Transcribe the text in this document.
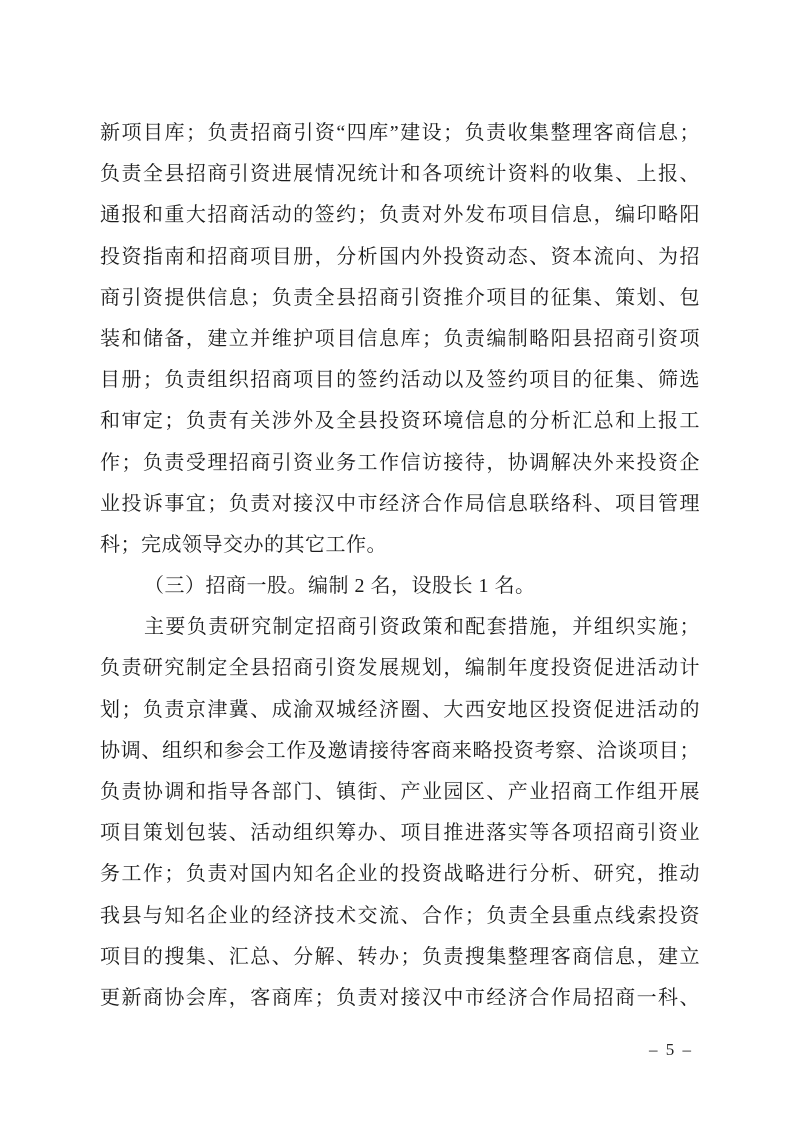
新项目库；负责招商引资“四库”建设；负责收集整理客商信息；
负责全县招商引资进展情况统计和各项统计资料的收集、上报、
通报和重大招商活动的签约；负责对外发布项目信息，编印略阳
投资指南和招商项目册，分析国内外投资动态、资本流向、为招
商引资提供信息；负责全县招商引资推介项目的征集、策划、包
装和储备，建立并维护项目信息库；负责编制略阳县招商引资项
目册；负责组织招商项目的签约活动以及签约项目的征集、筛选
和审定；负责有关涉外及全县投资环境信息的分析汇总和上报工
作；负责受理招商引资业务工作信访接待，协调解决外来投资企
业投诉事宜；负责对接汉中市经济合作局信息联络科、项目管理
科；完成领导交办的其它工作。
（三）招商一股。编制 2 名，设股长 1 名。
主要负责研究制定招商引资政策和配套措施，并组织实施；
负责研究制定全县招商引资发展规划，编制年度投资促进活动计
划；负责京津冀、成渝双城经济圈、大西安地区投资促进活动的
协调、组织和参会工作及邀请接待客商来略投资考察、洽谈项目；
负责协调和指导各部门、镇街、产业园区、产业招商工作组开展
项目策划包装、活动组织筹办、项目推进落实等各项招商引资业
务工作；负责对国内知名企业的投资战略进行分析、研究，推动
我县与知名企业的经济技术交流、合作；负责全县重点线索投资
项目的搜集、汇总、分解、转办；负责搜集整理客商信息，建立
更新商协会库，客商库；负责对接汉中市经济合作局招商一科、
– 5 –
